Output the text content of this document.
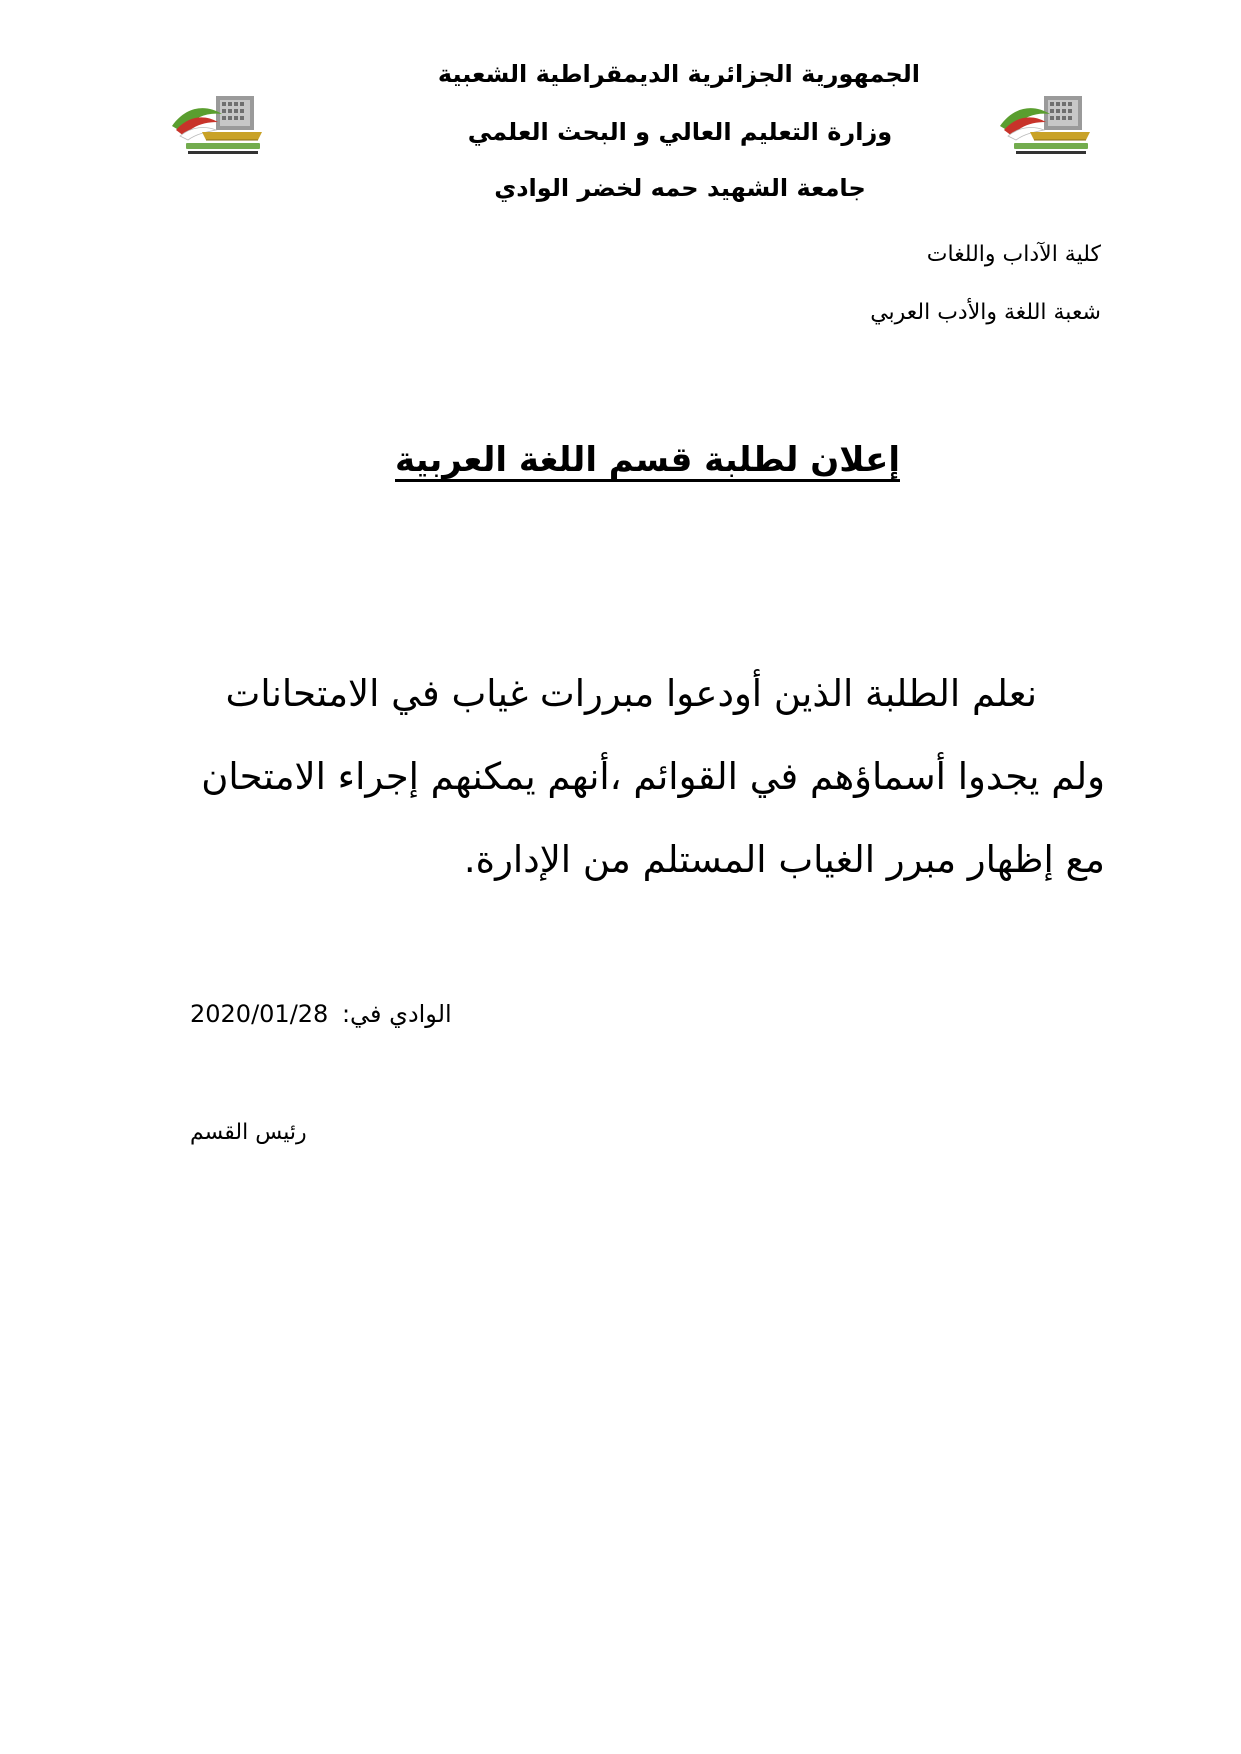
الجمهورية الجزائرية الديمقراطية الشعبية
وزارة التعليم العالي و البحث العلمي
جامعة الشهيد حمه لخضر الوادي
كلية الآداب واللغات
شعبة اللغة والأدب العربي
إعلان لطلبة قسم اللغة العربية
نعلم الطلبة الذين أودعوا مبررات غياب في الامتحانات
ولم يجدوا أسماؤهم في القوائم ،أنهم يمكنهم إجراء الامتحان
مع إظهار مبرر الغياب المستلم من الإدارة.
الوادي في: 2020/01/28
رئيس القسم
